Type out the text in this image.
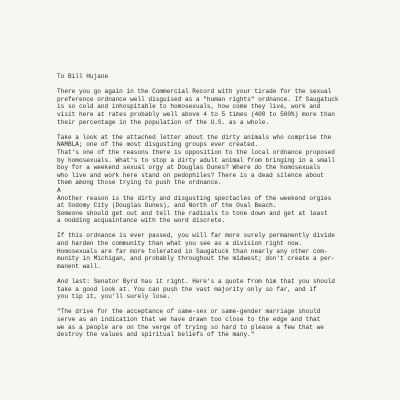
To Bill Hujane
There you go again in the Commercial Record with your tirade for the sexual
preference ordnance well disguised as a "human rights" ordnance. If Saugatuck
is so cold and inhospitable to homosexuals, how come they live, work and
visit here at rates probably well above 4 to 5 times (400 to 500%) more than
their percentage in the population of the U.S. as a whole.
Take a look at the attached letter about the dirty animals who comprise the
NAMBLA; one of the most disgusting groups ever created.
That's one of the reasons there is opposition to the local ordnance proposed
by homosexuals. What's to stop a dirty adult animal from bringing in a small
boy for a weekend sexual orgy at Douglas Dunes? Where do the homosexuals
who live and work here stand on pedophiles? There is a dead silence about
them among those trying to push the ordnance.
A
Another reason is the dirty and disgusting spectacles of the weekend orgies
at Sodomy City (Douglas Dunes), and North of the Oval Beach.
Someone should get out and tell the radicals to tone down and get at least
a nodding acquaintance with the word discrete.
If this ordnance is ever passed, you will far more surely permanently divide
and harden the community than what you see as a division right now.
Homosexuals are far more tolerated in Saugatuck than nearly any other com-
munity in Michigan, and probably throughout the midwest; don't create a per-
manent wall.
And last: Senator Byrd has it right. Here's a quote from him that you should
take a good look at. You can push the vast majority only so far, and if
you tip it, you'll surely lose.
"The drive for the acceptance of same-sex or same-gender marriage should
serve as an indication that we have drawn too close to the edge and that
we as a people are on the verge of trying so hard to please a few that we
destroy the values and spiritual beliefs of the many."
